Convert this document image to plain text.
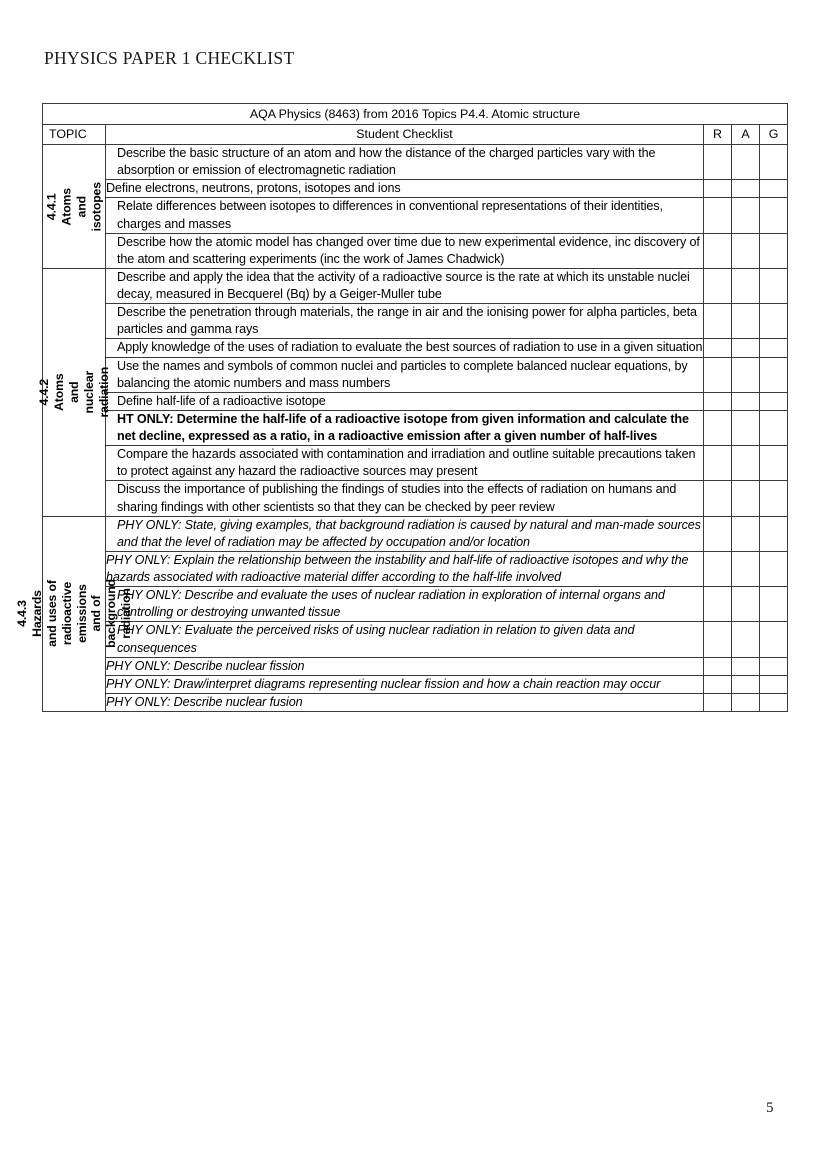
PHYSICS PAPER 1 CHECKLIST
AQA Physics (8463) from 2016 Topics P4.4. Atomic structure				
TOPIC	Student Checklist	R	A	G

4.4.1 Atoms and isotopes	Describe the basic structure of an atom and how the distance of the charged particles vary with the absorption or emission of electromagnetic radiation			
	Define electrons, neutrons, protons, isotopes and ions			
	Relate differences between isotopes to differences in conventional representations of their identities, charges and masses			
	Describe how the atomic model has changed over time due to new experimental evidence, inc discovery of the atom and scattering experiments (inc the work of James Chadwick)			

4.4.2 Atoms and nuclear radiation	Describe and apply the idea that the activity of a radioactive source is the rate at which its unstable nuclei decay, measured in Becquerel (Bq) by a Geiger-Muller tube			
	Describe the penetration through materials, the range in air and the ionising power for alpha particles, beta particles and gamma rays			
	Apply knowledge of the uses of radiation to evaluate the best sources of radiation to use in a given situation			
	Use the names and symbols of common nuclei and particles to complete balanced nuclear equations, by balancing the atomic numbers and mass numbers			
	Define half-life of a radioactive isotope			
	HT ONLY: Determine the half-life of a radioactive isotope from given information and calculate the net decline, expressed as a ratio, in a radioactive emission after a given number of half-lives			
	Compare the hazards associated with contamination and irradiation and outline suitable precautions taken to protect against any hazard the radioactive sources may present			
	Discuss the importance of publishing the findings of studies into the effects of radiation on humans and sharing findings with other scientists so that they can be checked by peer review			

4.4.3 Hazards and uses of radioactive emissions and of background radiation	PHY ONLY: State, giving examples, that background radiation is caused by natural and man-made sources and that the level of radiation may be affected by occupation and/or location			
	PHY ONLY: Explain the relationship between the instability and half-life of radioactive isotopes and why the hazards associated with radioactive material differ according to the half-life involved			
	PHY ONLY: Describe and evaluate the uses of nuclear radiation in exploration of internal organs and controlling or destroying unwanted tissue			
	PHY ONLY: Evaluate the perceived risks of using nuclear radiation in relation to given data and consequences			
	PHY ONLY: Describe nuclear fission			
	PHY ONLY: Draw/interpret diagrams representing nuclear fission and how a chain reaction may occur			
	PHY ONLY: Describe nuclear fusion			
5
